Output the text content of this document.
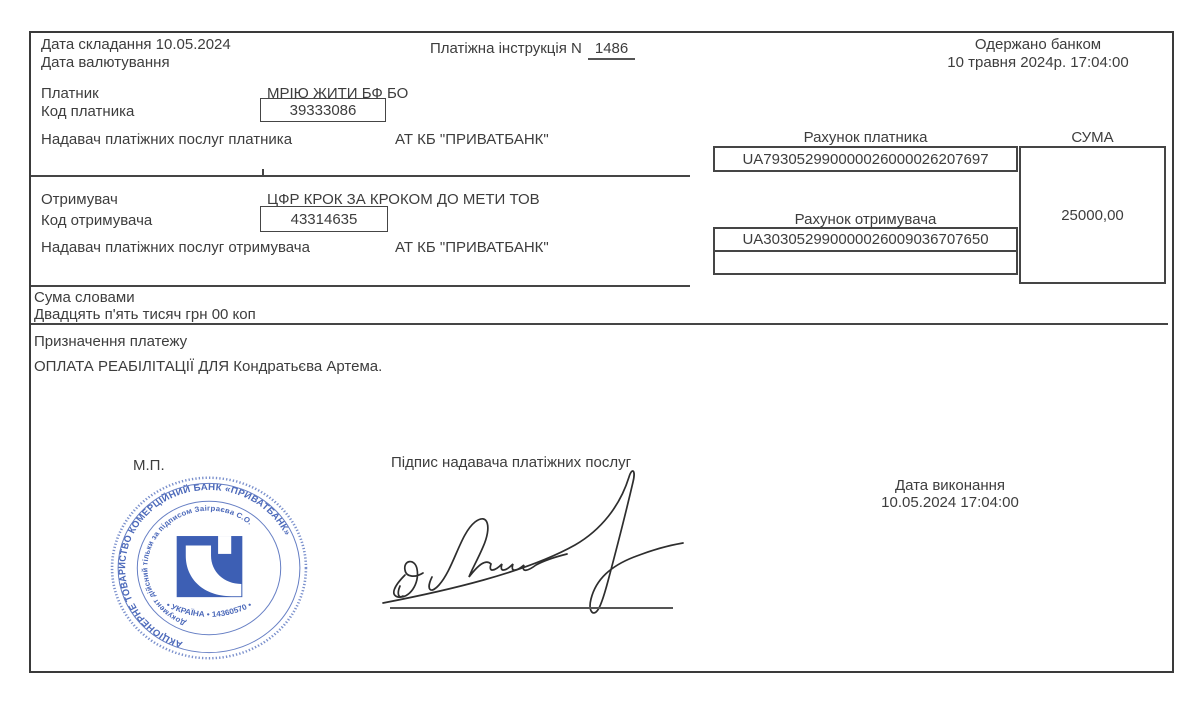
Дата складання 10.05.2024
Дата валютування
Платіжна інструкція N 1486	Одержано банком
10 травня 2024р. 17:04:00
Платник	МРІЮ ЖИТИ БФ БО
Код платника	39333086
Надавач платіжних послуг платника	АТ КБ "ПРИВАТБАНК"	Рахунок платника
UA793052990000026000026207697
СУМА
25000,00
Отримувач	ЦФР КРОК ЗА КРОКОМ ДО МЕТИ ТОВ
Код отримувача	43314635
Надавач платіжних послуг отримувача	АТ КБ "ПРИВАТБАНК"
Рахунок отримувача
UA303052990000026009036707650
Сума словами
Двадцять п'ять тисяч грн 00 коп
Призначення платежу
ОПЛАТА РЕАБІЛІТАЦІЇ ДЛЯ Кондратьєва Артема.
М.П.	Підпис надавача платіжних послуг
Дата виконання
10.05.2024 17:04:00
АКЦІОНЕРНЕ ТОВАРИСТВО КОМЕРЦІЙНИЙ БАНК «ПРИВАТБАНК»
Документ дійсний тільки за підписом Заіграєва С.О.
• УКРАЇНА • 14360570 •
